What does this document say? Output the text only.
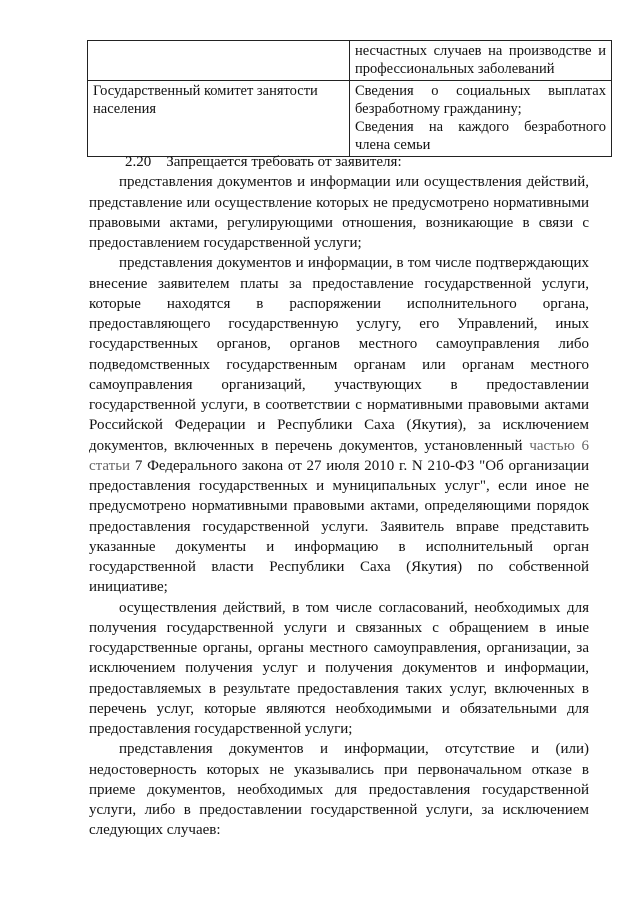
	несчастных случаев на производстве и профессиональных заболеваний

Государственный комитет занятости населения	Сведения о социальных выплатах безработному гражданину;
Сведения на каждого безработного члена семьи

2.20 Запрещается требовать от заявителя:

представления документов и информации или осуществления действий, представление или осуществление которых не предусмотрено нормативными правовыми актами, регулирующими отношения, возникающие в связи с предоставлением государственной услуги;

представления документов и информации, в том числе подтверждающих внесение заявителем платы за предоставление государственной услуги, которые находятся в распоряжении исполнительного органа, предоставляющего государственную услугу, его Управлений, иных государственных органов, органов местного самоуправления либо подведомственных государственным органам или органам местного самоуправления организаций, участвующих в предоставлении государственной услуги, в соответствии с нормативными правовыми актами Российской Федерации и Республики Саха (Якутия), за исключением документов, включенных в перечень документов, установленный частью 6 статьи 7 Федерального закона от 27 июля 2010 г. N 210-ФЗ "Об организации предоставления государственных и муниципальных услуг", если иное не предусмотрено нормативными правовыми актами, определяющими порядок предоставления государственной услуги. Заявитель вправе представить указанные документы и информацию в исполнительный орган государственной власти Республики Саха (Якутия) по собственной инициативе;

осуществления действий, в том числе согласований, необходимых для получения государственной услуги и связанных с обращением в иные государственные органы, органы местного самоуправления, организации, за исключением получения услуг и получения документов и информации, предоставляемых в результате предоставления таких услуг, включенных в перечень услуг, которые являются необходимыми и обязательными для предоставления государственной услуги;

представления документов и информации, отсутствие и (или) недостоверность которых не указывались при первоначальном отказе в приеме документов, необходимых для предоставления государственной услуги, либо в предоставлении государственной услуги, за исключением следующих случаев:
